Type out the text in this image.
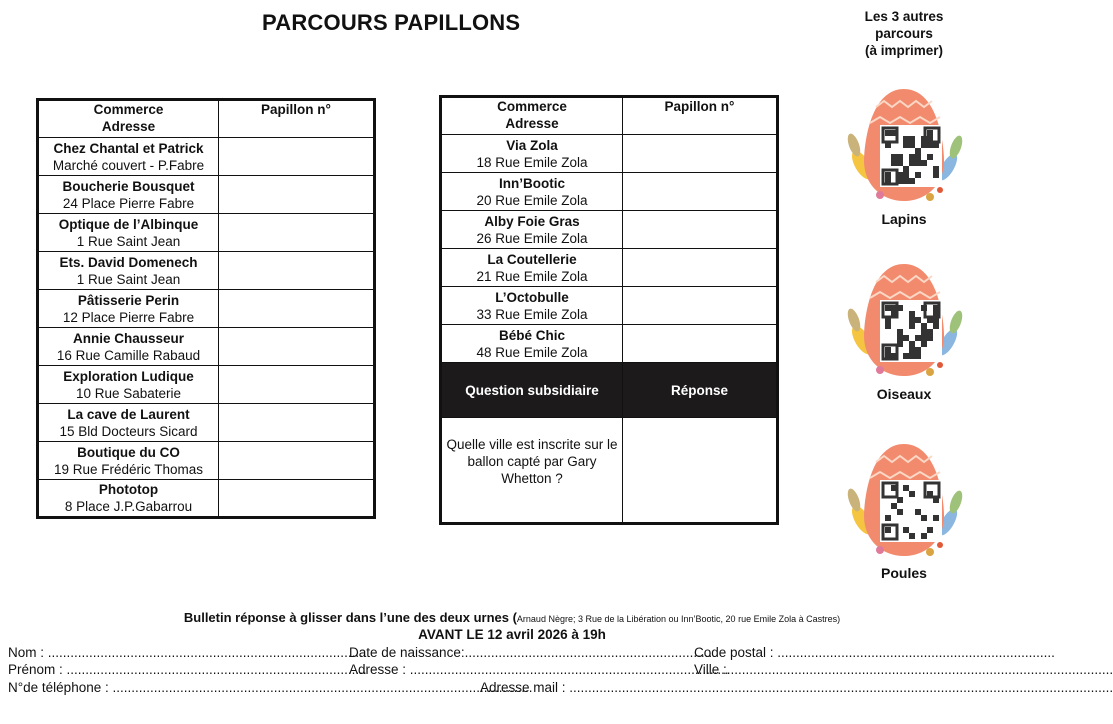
PARCOURS PAPILLONS
Commerce
Adresse	Papillon n°

Chez Chantal et Patrick
Marché couvert - P.Fabre	

Boucherie Bousquet
24 Place Pierre Fabre	

Optique de l’Albinque
1 Rue Saint Jean	

Ets. David Domenech
1 Rue Saint Jean	

Pâtisserie Perin
12 Place Pierre Fabre	

Annie Chausseur
16 Rue Camille Rabaud	

Exploration Ludique
10 Rue Sabaterie	

La cave de Laurent
15 Bld Docteurs Sicard	

Boutique du CO
19 Rue Frédéric Thomas	

Phototop
8 Place J.P.Gabarrou	

Commerce
Adresse	Papillon n°

Via Zola
18 Rue Emile Zola	

Inn’Bootic
20 Rue Emile Zola	

Alby Foie Gras
26 Rue Emile Zola	

La Coutellerie
21 Rue Emile Zola	

L’Octobulle
33 Rue Emile Zola	

Bébé Chic
48 Rue Emile Zola	

Question subsidiaire	Réponse
Quelle ville est inscrite sur le ballon capté par Gary Whetton ?	
Les 3 autres
parcours
(à imprimer)
Lapins
Oiseaux
Poules
Bulletin réponse à glisser dans l’une des deux urnes (Arnaud Nègre; 3 Rue de la Libération ou Inn’Bootic, 20 rue Emile Zola à Castres)
AVANT LE 12 avril 2026 à 19h
Nom : .....................................................................................
Date de naissance:..................................................................
Code postal : ..........................................................................
Prénom : ................................................................................
Adresse : .....................................................................................
Ville :.......................................................................................................
N°de téléphone : ................................................................................................................
Adresse mail : .................................................................................................................................................
